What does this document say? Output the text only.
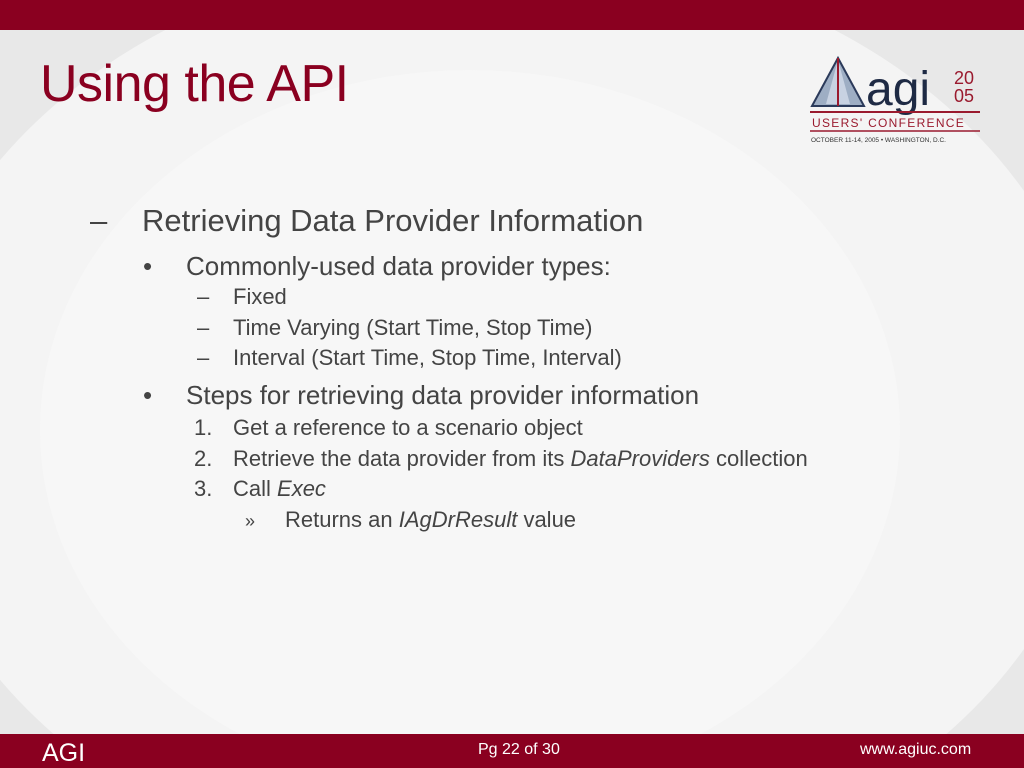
Using the API	agi 20
05
USERS' CONFERENCE
OCTOBER 11-14, 2005 • WASHINGTON, D.C.
– Retrieving Data Provider Information
• Commonly-used data provider types:
– Fixed
– Time Varying (Start Time, Stop Time)
– Interval (Start Time, Stop Time, Interval)
• Steps for retrieving data provider information
1. Get a reference to a scenario object
2. Retrieve the data provider from its DataProviders collection
3. Call Exec
» Returns an IAgDrResult value
AGI	Pg 22 of 30	www.agiuc.com
